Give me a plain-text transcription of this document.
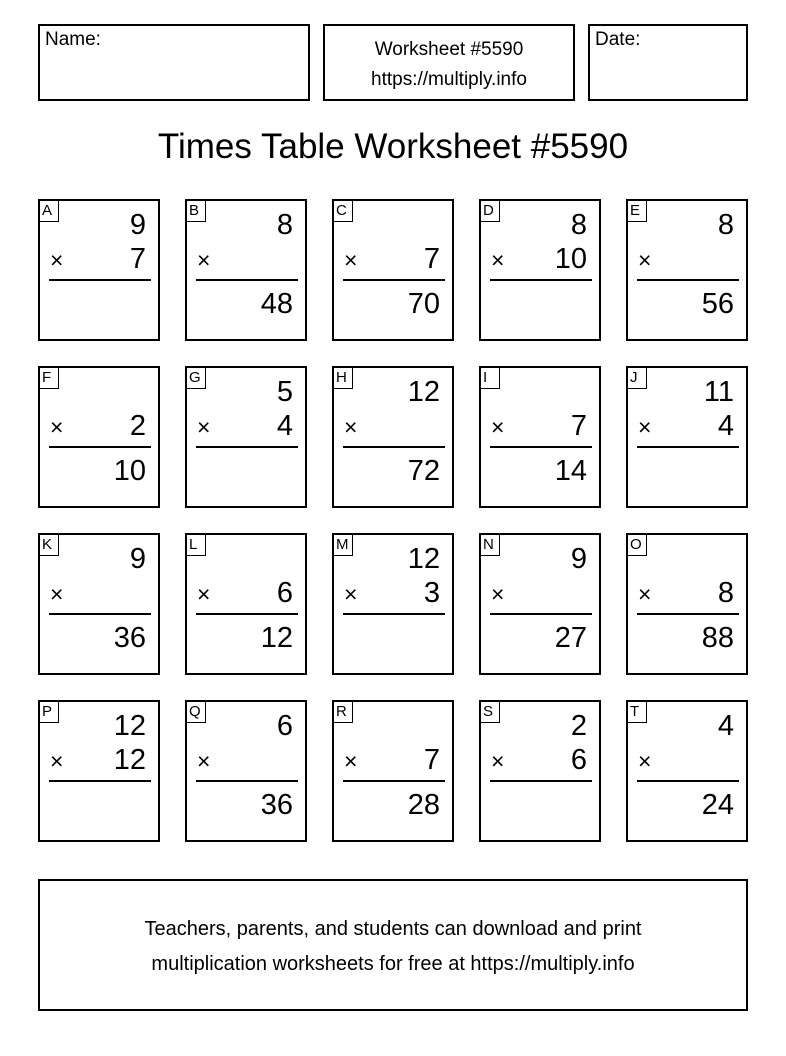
Name:	Worksheet #5590
https://multiply.info
Date:
Times Table Worksheet #5590
A	9
× 7
B	8
×
48
C
× 7
70
D	8
× 10
E	8
×
56
F
× 2
10
G	5
× 4
H 12
×
72
I
× 7
14
J	11
× 4
K	9
×
36
L
× 6
12
M 12
× 3
N	9
×
27
O
× 8
88
P 12
× 12
Q	6
×
36
R
× 7
28
S	2
× 6
T	4
×
24
Teachers, parents, and students can download and print
multiplication worksheets for free at https://multiply.info
